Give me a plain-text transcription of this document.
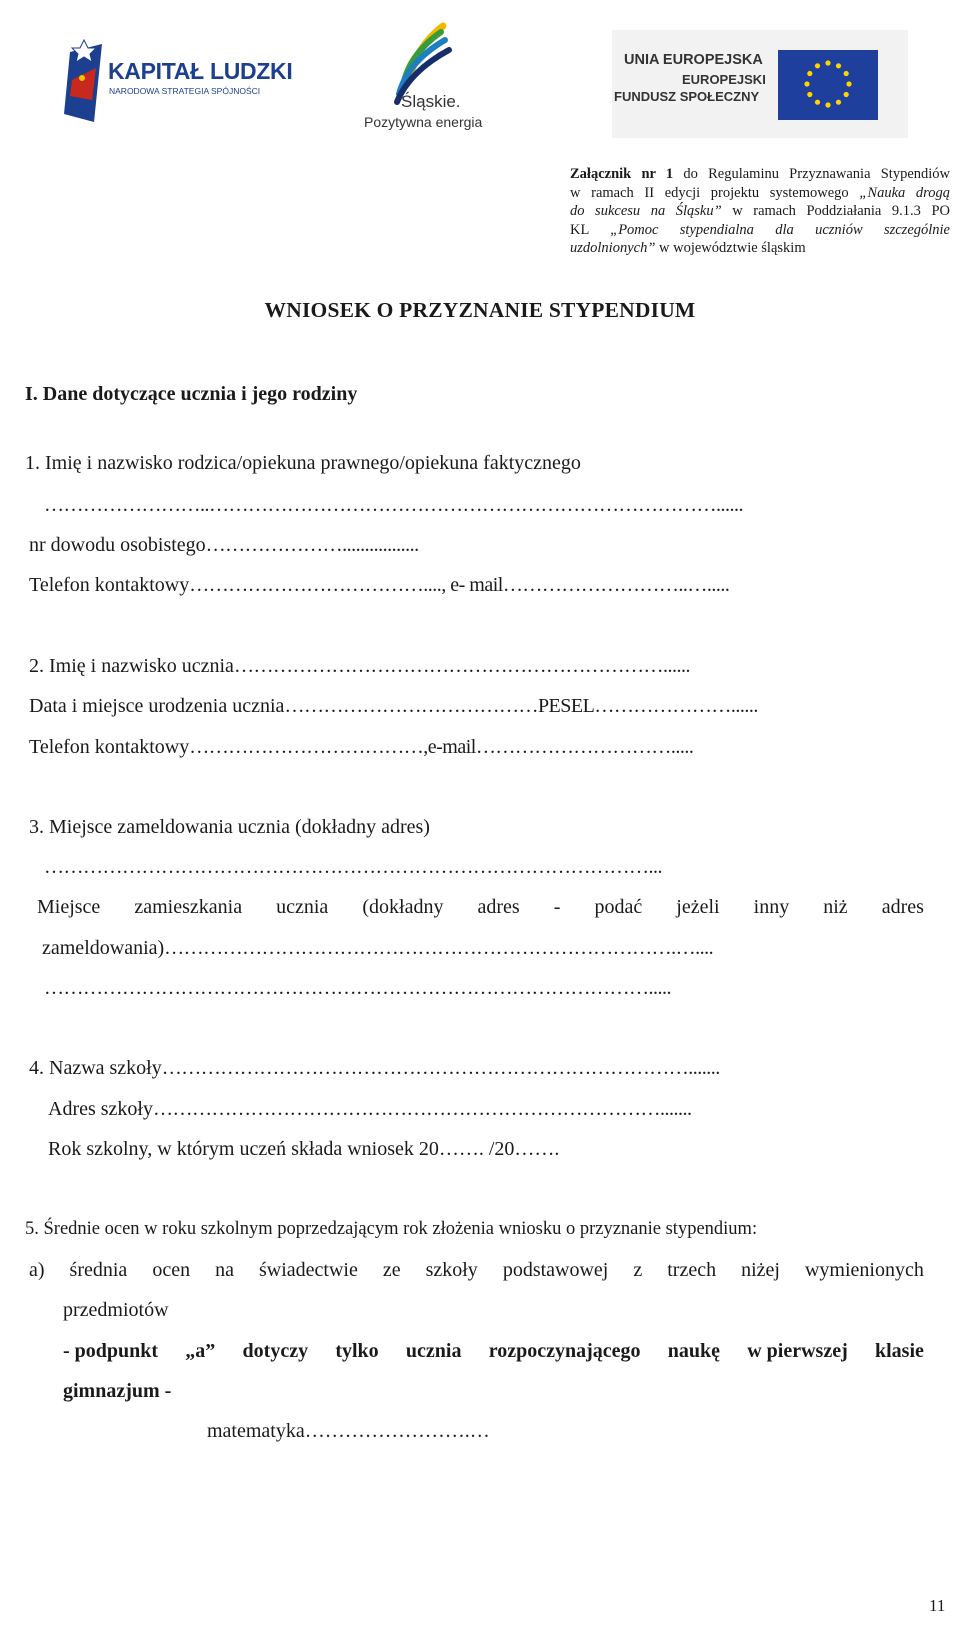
KAPITAŁ LUDZKI
NARODOWA STRATEGIA SPÓJNOŚCI
Śląskie.
Pozytywna energia
UNIA EUROPEJSKA
EUROPEJSKI
FUNDUSZ SPOŁECZNY
Załącznik nr 1 do Regulaminu Przyznawania Stypendiów
w ramach II edycji projektu systemowego „Nauka drogą
do sukcesu na Śląsku” w ramach Poddziałania 9.1.3 PO
KL „Pomoc stypendialna dla uczniów szczególnie
uzdolnionych” w województwie śląskim
WNIOSEK O PRZYZNANIE STYPENDIUM
I. Dane dotyczące ucznia i jego rodziny
1. Imię i nazwisko rodzica/opiekuna prawnego/opiekuna faktycznego
……………………..……………………………………………………………………......
nr dowodu osobistego………………….................
Telefon kontaktowy………………………………...., e- mail………………………..….....
2. Imię i nazwisko ucznia…………………………………………………………......
Data i miejsce urodzenia ucznia…………………………………PESEL…………………......
Telefon kontaktowy………………………………,e-mail………………………….....
3. Miejsce zameldowania ucznia (dokładny adres)
…………………………………………………………………………………...
Miejsce zamieszkania ucznia (dokładny adres - podać jeżeli inny niż adres
zameldowania)…………………………………………………………………….…....
………………………………………………………………………………….....
4. Nazwa szkoły……………………………………………………………………….......
Adres szkoły…………………………………………………………………….......
Rok szkolny, w którym uczeń składa wniosek 20……. /20…….
5. Średnie ocen w roku szkolnym poprzedzającym rok złożenia wniosku o przyznanie stypendium:
a) średnia ocen na świadectwie ze szkoły podstawowej z trzech niżej wymienionych
przedmiotów
- podpunkt „a” dotyczy tylko ucznia rozpoczynającego naukę w pierwszej klasie
gimnazjum -
matematyka…………………….…
11
